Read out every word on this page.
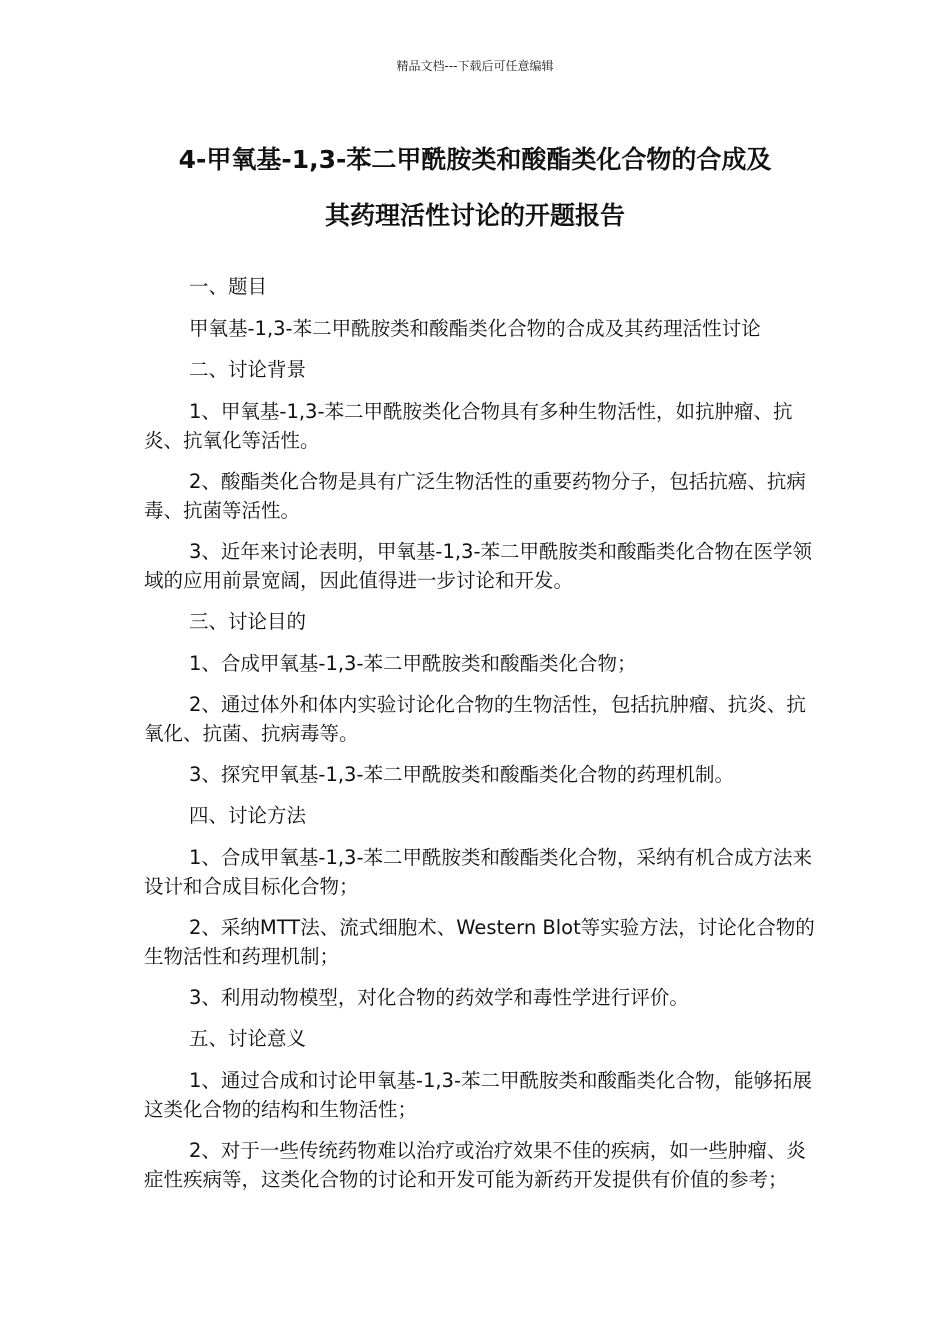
精品文档---下载后可任意编辑
4-甲氧基-1,3-苯二甲酰胺类和酸酯类化合物的合成及
其药理活性讨论的开题报告

一、题目

甲氧基-1,3-苯二甲酰胺类和酸酯类化合物的合成及其药理活性讨论

二、讨论背景

1、甲氧基-1,3-苯二甲酰胺类化合物具有多种生物活性，如抗肿瘤、抗炎、抗氧化等活性。

2、酸酯类化合物是具有广泛生物活性的重要药物分子，包括抗癌、抗病毒、抗菌等活性。

3、近年来讨论表明，甲氧基-1,3-苯二甲酰胺类和酸酯类化合物在医学领域的应用前景宽阔，因此值得进一步讨论和开发。

三、讨论目的

1、合成甲氧基-1,3-苯二甲酰胺类和酸酯类化合物；

2、通过体外和体内实验讨论化合物的生物活性，包括抗肿瘤、抗炎、抗氧化、抗菌、抗病毒等。

3、探究甲氧基-1,3-苯二甲酰胺类和酸酯类化合物的药理机制。

四、讨论方法

1、合成甲氧基-1,3-苯二甲酰胺类和酸酯类化合物，采纳有机合成方法来设计和合成目标化合物；

2、采纳MTT法、流式细胞术、Western Blot等实验方法，讨论化合物的生物活性和药理机制；

3、利用动物模型，对化合物的药效学和毒性学进行评价。

五、讨论意义

1、通过合成和讨论甲氧基-1,3-苯二甲酰胺类和酸酯类化合物，能够拓展这类化合物的结构和生物活性；

2、对于一些传统药物难以治疗或治疗效果不佳的疾病，如一些肿瘤、炎症性疾病等，这类化合物的讨论和开发可能为新药开发提供有价值的参考；
